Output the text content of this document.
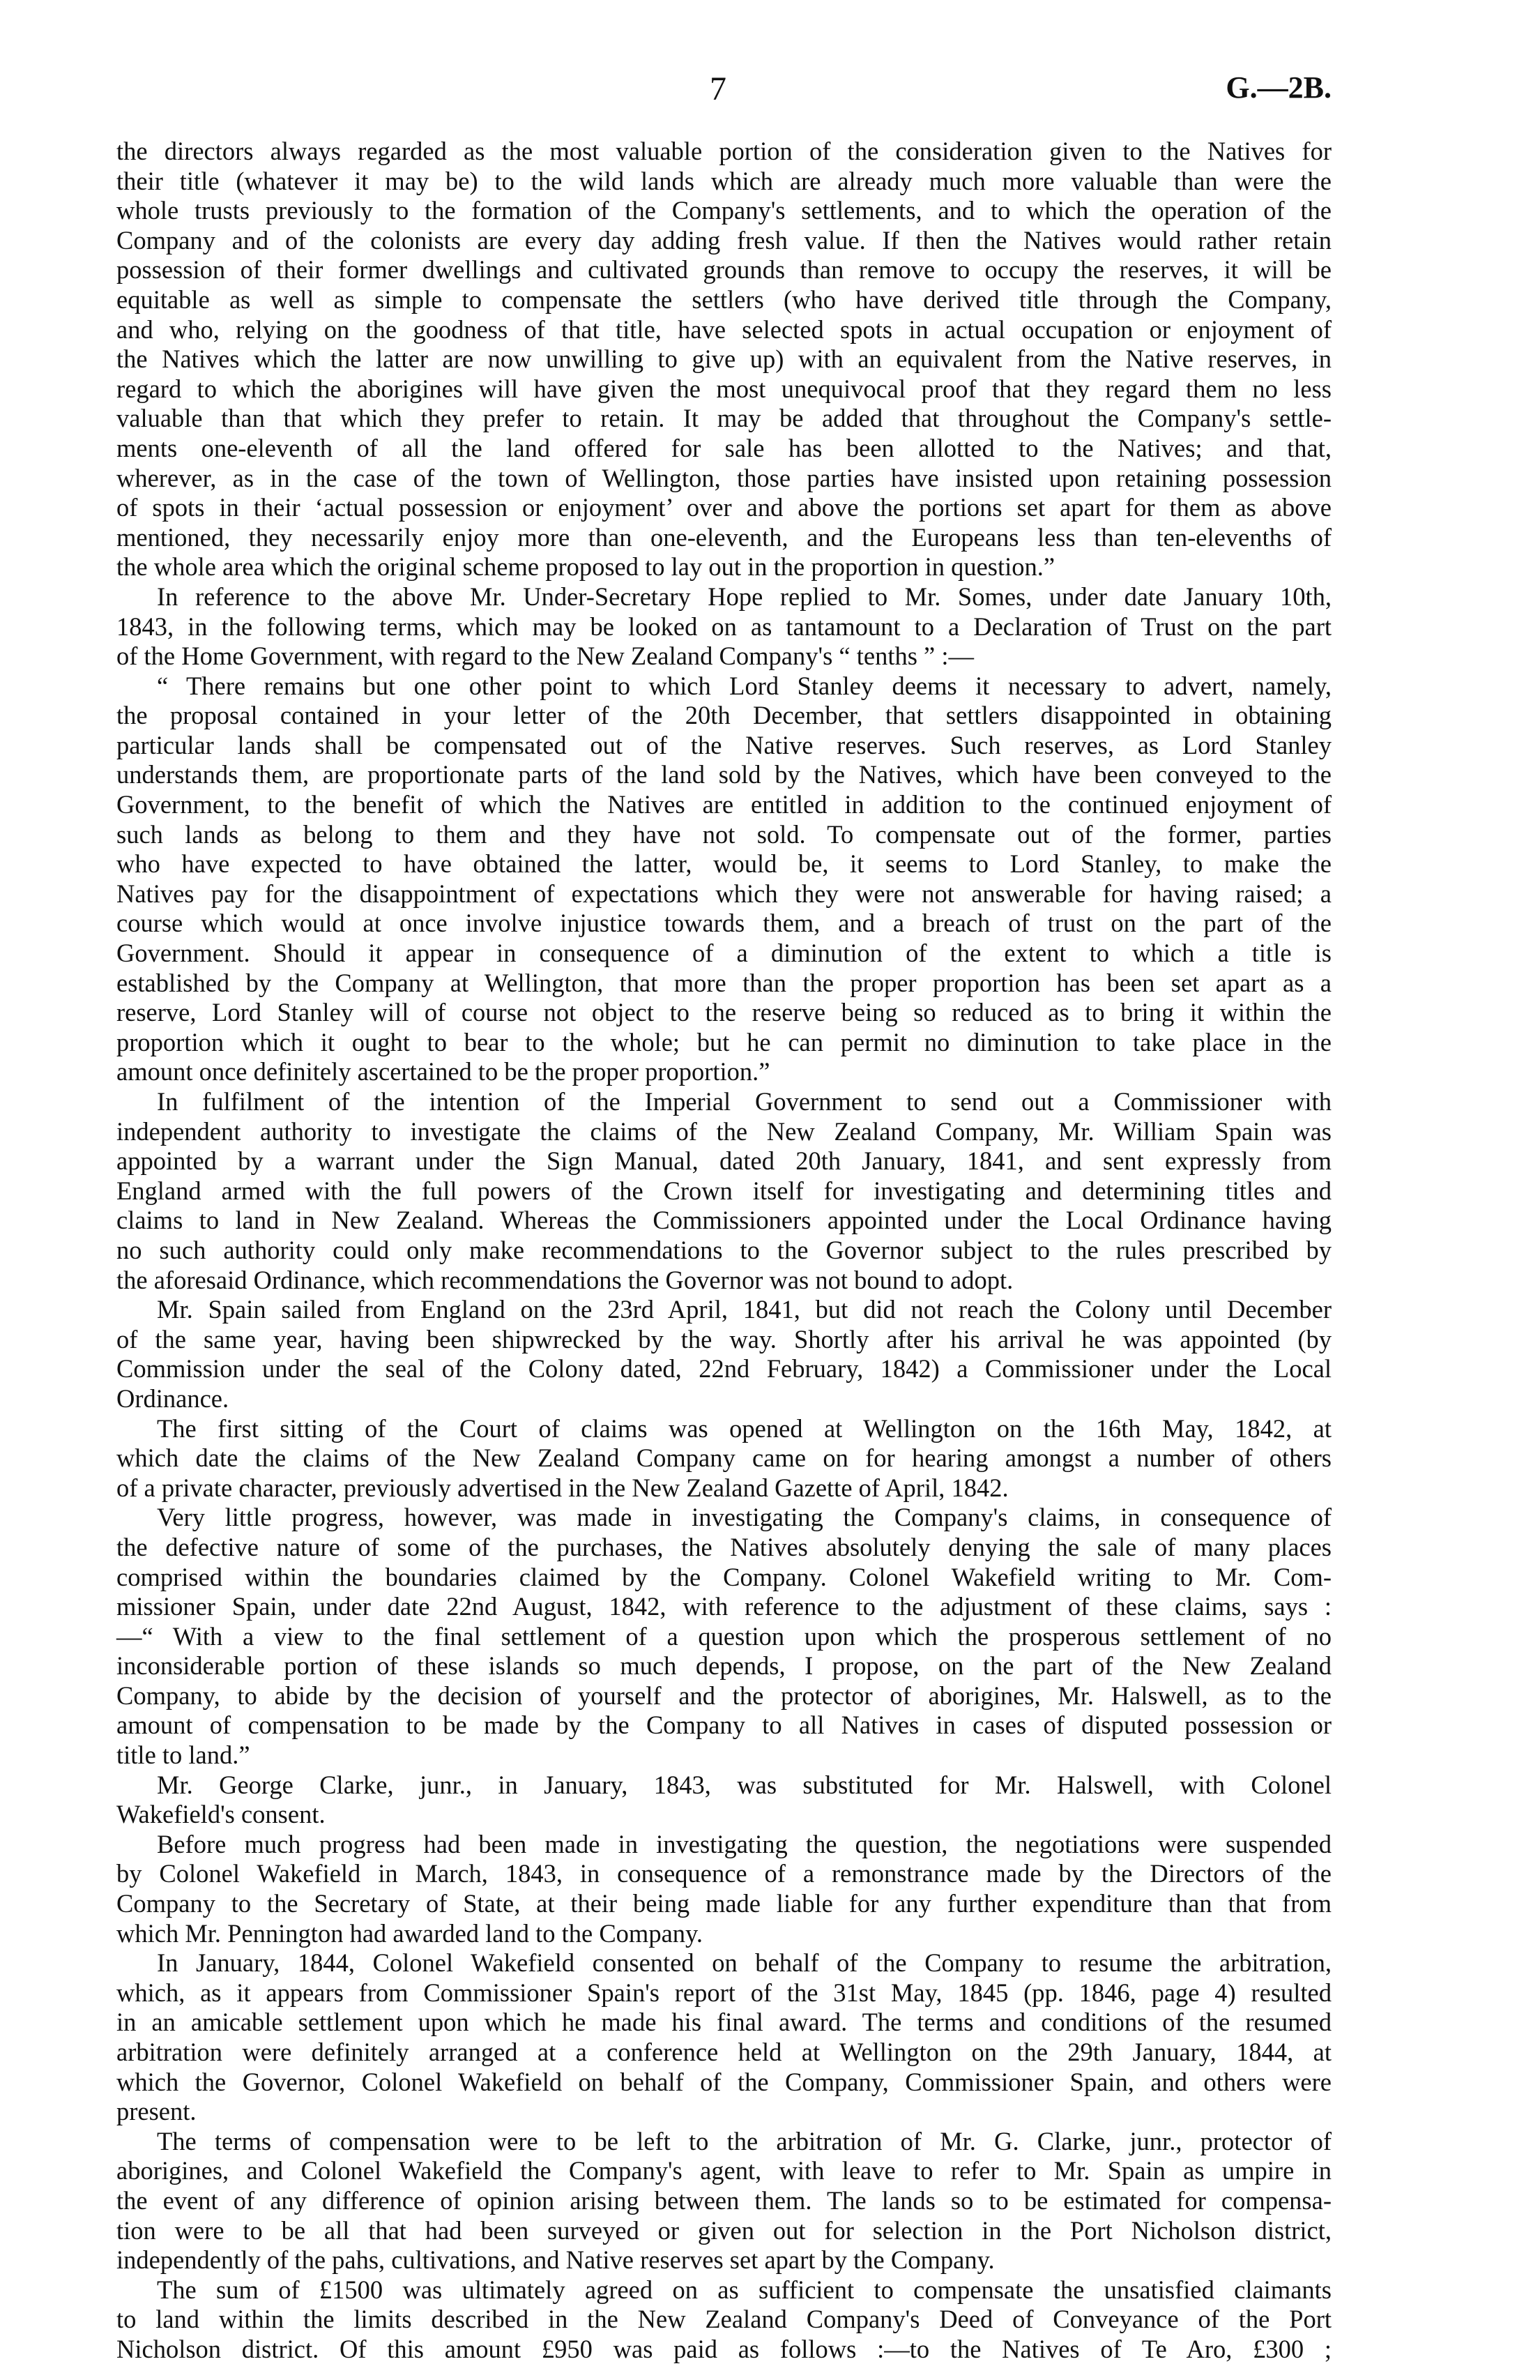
7	G.—2B.
the directors always regarded as the most valuable portion of the consideration given to the Natives for
their title (whatever it may be) to the wild lands which are already much more valuable than were the
whole trusts previously to the formation of the Company's settlements, and to which the operation of the
Company and of the colonists are every day adding fresh value. If then the Natives would rather retain
possession of their former dwellings and cultivated grounds than remove to occupy the reserves, it will be
equitable as well as simple to compensate the settlers (who have derived title through the Company,
and who, relying on the goodness of that title, have selected spots in actual occupation or enjoyment of
the Natives which the latter are now unwilling to give up) with an equivalent from the Native reserves, in
regard to which the aborigines will have given the most unequivocal proof that they regard them no less
valuable than that which they prefer to retain. It may be added that throughout the Company's settle-
ments one-eleventh of all the land offered for sale has been allotted to the Natives; and that,
wherever, as in the case of the town of Wellington, those parties have insisted upon retaining possession
of spots in their ‘actual possession or enjoyment’ over and above the portions set apart for them as above
mentioned, they necessarily enjoy more than one-eleventh, and the Europeans less than ten-elevenths of
the whole area which the original scheme proposed to lay out in the proportion in question.”
In reference to the above Mr. Under-Secretary Hope replied to Mr. Somes, under date January 10th,
1843, in the following terms, which may be looked on as tantamount to a Declaration of Trust on the part
of the Home Government, with regard to the New Zealand Company's “ tenths ” :—
“ There remains but one other point to which Lord Stanley deems it necessary to advert, namely,
the proposal contained in your letter of the 20th December, that settlers disappointed in obtaining
particular lands shall be compensated out of the Native reserves. Such reserves, as Lord Stanley
understands them, are proportionate parts of the land sold by the Natives, which have been conveyed to the
Government, to the benefit of which the Natives are entitled in addition to the continued enjoyment of
such lands as belong to them and they have not sold. To compensate out of the former, parties
who have expected to have obtained the latter, would be, it seems to Lord Stanley, to make the
Natives pay for the disappointment of expectations which they were not answerable for having raised; a
course which would at once involve injustice towards them, and a breach of trust on the part of the
Government. Should it appear in consequence of a diminution of the extent to which a title is
established by the Company at Wellington, that more than the proper proportion has been set apart as a
reserve, Lord Stanley will of course not object to the reserve being so reduced as to bring it within the
proportion which it ought to bear to the whole; but he can permit no diminution to take place in the
amount once definitely ascertained to be the proper proportion.”
In fulfilment of the intention of the Imperial Government to send out a Commissioner with
independent authority to investigate the claims of the New Zealand Company, Mr. William Spain was
appointed by a warrant under the Sign Manual, dated 20th January, 1841, and sent expressly from
England armed with the full powers of the Crown itself for investigating and determining titles and
claims to land in New Zealand. Whereas the Commissioners appointed under the Local Ordinance having
no such authority could only make recommendations to the Governor subject to the rules prescribed by
the aforesaid Ordinance, which recommendations the Governor was not bound to adopt.
Mr. Spain sailed from England on the 23rd April, 1841, but did not reach the Colony until December
of the same year, having been shipwrecked by the way. Shortly after his arrival he was appointed (by
Commission under the seal of the Colony dated, 22nd February, 1842) a Commissioner under the Local
Ordinance.
The first sitting of the Court of claims was opened at Wellington on the 16th May, 1842, at
which date the claims of the New Zealand Company came on for hearing amongst a number of others
of a private character, previously advertised in the New Zealand Gazette of April, 1842.
Very little progress, however, was made in investigating the Company's claims, in consequence of
the defective nature of some of the purchases, the Natives absolutely denying the sale of many places
comprised within the boundaries claimed by the Company. Colonel Wakefield writing to Mr. Com-
missioner Spain, under date 22nd August, 1842, with reference to the adjustment of these claims, says :
—“ With a view to the final settlement of a question upon which the prosperous settlement of no
inconsiderable portion of these islands so much depends, I propose, on the part of the New Zealand
Company, to abide by the decision of yourself and the protector of aborigines, Mr. Halswell, as to the
amount of compensation to be made by the Company to all Natives in cases of disputed possession or
title to land.”
Mr. George Clarke, junr., in January, 1843, was substituted for Mr. Halswell, with Colonel
Wakefield's consent.
Before much progress had been made in investigating the question, the negotiations were suspended
by Colonel Wakefield in March, 1843, in consequence of a remonstrance made by the Directors of the
Company to the Secretary of State, at their being made liable for any further expenditure than that from
which Mr. Pennington had awarded land to the Company.
In January, 1844, Colonel Wakefield consented on behalf of the Company to resume the arbitration,
which, as it appears from Commissioner Spain's report of the 31st May, 1845 (pp. 1846, page 4) resulted
in an amicable settlement upon which he made his final award. The terms and conditions of the resumed
arbitration were definitely arranged at a conference held at Wellington on the 29th January, 1844, at
which the Governor, Colonel Wakefield on behalf of the Company, Commissioner Spain, and others were
present.
The terms of compensation were to be left to the arbitration of Mr. G. Clarke, junr., protector of
aborigines, and Colonel Wakefield the Company's agent, with leave to refer to Mr. Spain as umpire in
the event of any difference of opinion arising between them. The lands so to be estimated for compensa-
tion were to be all that had been surveyed or given out for selection in the Port Nicholson district,
independently of the pahs, cultivations, and Native reserves set apart by the Company.
The sum of £1500 was ultimately agreed on as sufficient to compensate the unsatisfied claimants
to land within the limits described in the New Zealand Company's Deed of Conveyance of the Port
Nicholson district. Of this amount £950 was paid as follows :—to the Natives of Te Aro, £300 ;
